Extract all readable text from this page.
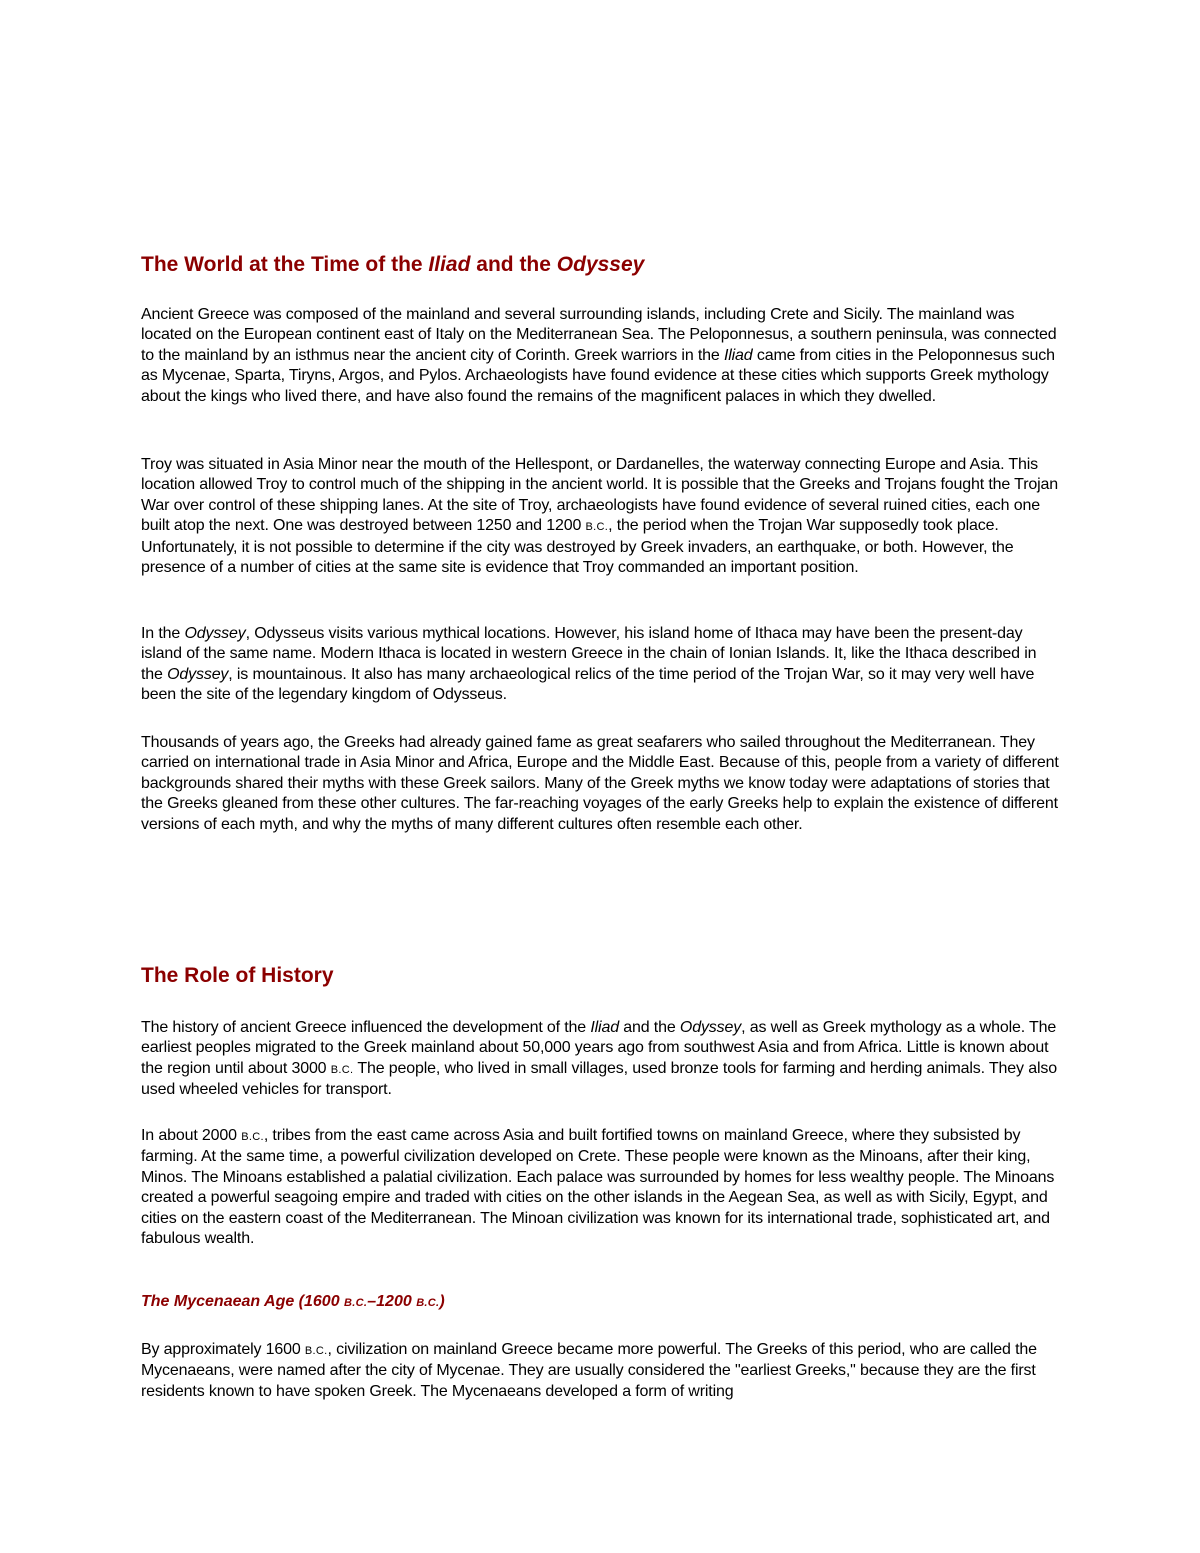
The World at the Time of the Iliad and the Odyssey

Ancient Greece was composed of the mainland and several surrounding islands, including Crete and Sicily. The mainland was located on the European continent east of Italy on the Mediterranean Sea. The Peloponnesus, a southern peninsula, was connected to the mainland by an isthmus near the ancient city of Corinth. Greek warriors in the Iliad came from cities in the Peloponnesus such as Mycenae, Sparta, Tiryns, Argos, and Pylos. Archaeologists have found evidence at these cities which supports Greek mythology about the kings who lived there, and have also found the remains of the magnificent palaces in which they dwelled.

Troy was situated in Asia Minor near the mouth of the Hellespont, or Dardanelles, the waterway connecting Europe and Asia. This location allowed Troy to control much of the shipping in the ancient world. It is possible that the Greeks and Trojans fought the Trojan War over control of these shipping lanes. At the site of Troy, archaeologists have found evidence of several ruined cities, each one built atop the next. One was destroyed between 1250 and 1200 B.C., the period when the Trojan War supposedly took place. Unfortunately, it is not possible to determine if the city was destroyed by Greek invaders, an earthquake, or both. However, the presence of a number of cities at the same site is evidence that Troy commanded an important position.

In the Odyssey, Odysseus visits various mythical locations. However, his island home of Ithaca may have been the present-day island of the same name. Modern Ithaca is located in western Greece in the chain of Ionian Islands. It, like the Ithaca described in the Odyssey, is mountainous. It also has many archaeological relics of the time period of the Trojan War, so it may very well have been the site of the legendary kingdom of Odysseus.

Thousands of years ago, the Greeks had already gained fame as great seafarers who sailed throughout the Mediterranean. They carried on international trade in Asia Minor and Africa, Europe and the Middle East. Because of this, people from a variety of different backgrounds shared their myths with these Greek sailors. Many of the Greek myths we know today were adaptations of stories that the Greeks gleaned from these other cultures. The far-reaching voyages of the early Greeks help to explain the existence of different versions of each myth, and why the myths of many different cultures often resemble each other.

The Role of History

The history of ancient Greece influenced the development of the Iliad and the Odyssey, as well as Greek mythology as a whole. The earliest peoples migrated to the Greek mainland about 50,000 years ago from southwest Asia and from Africa. Little is known about the region until about 3000 B.C. The people, who lived in small villages, used bronze tools for farming and herding animals. They also used wheeled vehicles for transport.

In about 2000 B.C., tribes from the east came across Asia and built fortified towns on mainland Greece, where they subsisted by farming. At the same time, a powerful civilization developed on Crete. These people were known as the Minoans, after their king, Minos. The Minoans established a palatial civilization. Each palace was surrounded by homes for less wealthy people. The Minoans created a powerful seagoing empire and traded with cities on the other islands in the Aegean Sea, as well as with Sicily, Egypt, and cities on the eastern coast of the Mediterranean. The Minoan civilization was known for its international trade, sophisticated art, and fabulous wealth.

The Mycenaean Age (1600 B.C.–1200 B.C.)

By approximately 1600 B.C., civilization on mainland Greece became more powerful. The Greeks of this period, who are called the Mycenaeans, were named after the city of Mycenae. They are usually considered the "earliest Greeks," because they are the first residents known to have spoken Greek. The Mycenaeans developed a form of writing
